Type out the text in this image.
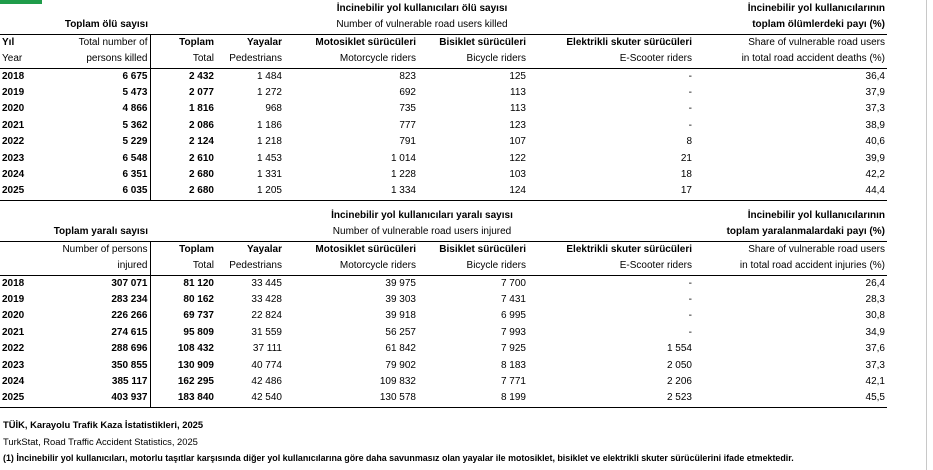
		İncinebilir yol kullanıcıları ölü sayısı					İncinebilir yol kullanıcılarının
	Toplam ölü sayısı	Number of vulnerable road users killed					toplam ölümlerdeki payı (%)
Yıl	Total number of	Toplam	Yayalar	Motosiklet sürücüleri	Bisiklet sürücüleri	Elektrikli skuter sürücüleri	Share of vulnerable road users
Year	persons killed	Total	Pedestrians	Motorcycle riders	Bicycle riders	E-Scooter riders	in total road accident deaths (%)
2018	6 675	2 432	1 484	823	125	-	36,4
2019	5 473	2 077	1 272	692	113	-	37,9
2020	4 866	1 816	968	735	113	-	37,3
2021	5 362	2 086	1 186	777	123	-	38,9
2022	5 229	2 124	1 218	791	107	8	40,6
2023	6 548	2 610	1 453	1 014	122	21	39,9
2024	6 351	2 680	1 331	1 228	103	18	42,2
2025	6 035	2 680	1 205	1 334	124	17	44,4
		İncinebilir yol kullanıcıları yaralı sayısı					İncinebilir yol kullanıcılarının
	Toplam yaralı sayısı	Number of vulnerable road users injured					toplam yaralanmalardaki payı (%)
	Number of persons	Toplam	Yayalar	Motosiklet sürücüleri	Bisiklet sürücüleri	Elektrikli skuter sürücüleri	Share of vulnerable road users
	injured	Total	Pedestrians	Motorcycle riders	Bicycle riders	E-Scooter riders	in total road accident injuries (%)
2018	307 071	81 120	33 445	39 975	7 700	-	26,4
2019	283 234	80 162	33 428	39 303	7 431	-	28,3
2020	226 266	69 737	22 824	39 918	6 995	-	30,8
2021	274 615	95 809	31 559	56 257	7 993	-	34,9
2022	288 696	108 432	37 111	61 842	7 925	1 554	37,6
2023	350 855	130 909	40 774	79 902	8 183	2 050	37,3
2024	385 117	162 295	42 486	109 832	7 771	2 206	42,1
2025	403 937	183 840	42 540	130 578	8 199	2 523	45,5
TÜİK, Karayolu Trafik Kaza İstatistikleri, 2025
TurkStat, Road Traffic Accident Statistics, 2025
(1) İncinebilir yol kullanıcıları, motorlu taşıtlar karşısında diğer yol kullanıcılarına göre daha savunmasız olan yayalar ile motosiklet, bisiklet ve elektrikli skuter sürücülerini ifade etmektedir.
